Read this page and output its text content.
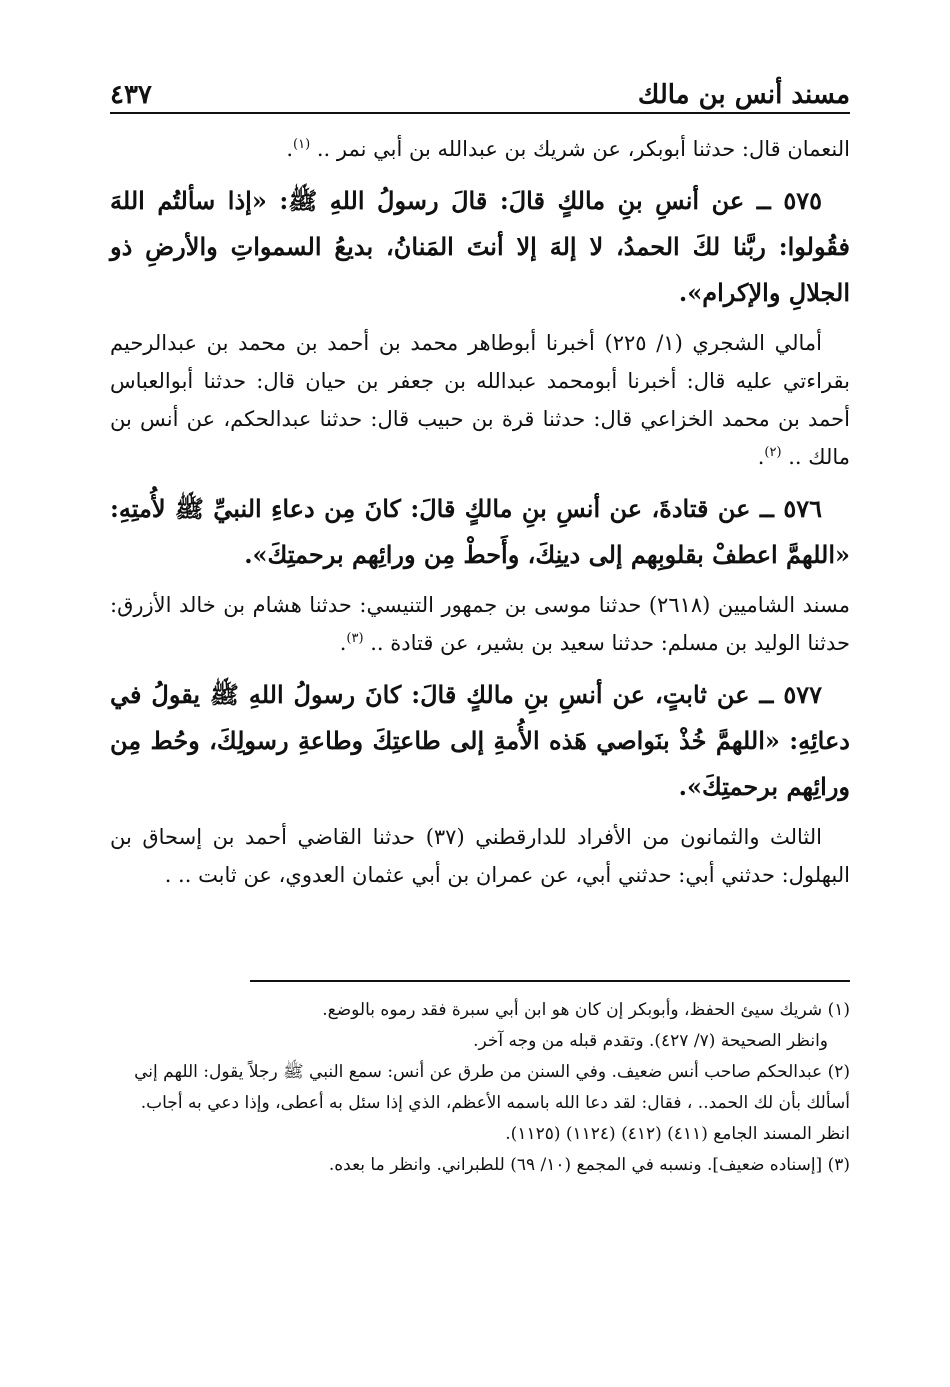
مسند أنس بن مالك
٤٣٧

النعمان قال: حدثنا أبوبكر، عن شريك بن عبدالله بن أبي نمر .. $^{(١)}$.

٥٧٥ ــ عن أنسِ بنِ مالكٍ قالَ: قالَ رسولُ اللهِ ﷺ: «إذا سألتُم اللهَ فقُولوا: ربَّنا لكَ الحمدُ، لا إلهَ إلا أنتَ المَنانُ، بديعُ السمواتِ والأرضِ ذو الجلالِ والإكرام».

أمالي الشجري (١/ ٢٢٥) أخبرنا أبوطاهر محمد بن أحمد بن محمد بن عبدالرحيم بقراءتي عليه قال: أخبرنا أبومحمد عبدالله بن جعفر بن حيان قال: حدثنا أبوالعباس أحمد بن محمد الخزاعي قال: حدثنا قرة بن حبيب قال: حدثنا عبدالحكم، عن أنس بن مالك .. $^{(٢)}$.

٥٧٦ ــ عن قتادةَ، عن أنسِ بنِ مالكٍ قالَ: كانَ مِن دعاءِ النبيِّ ﷺ لأُمتِهِ: «اللهمَّ اعطفْ بقلوبِهم إلى دينِكَ، وأَحطْ مِن ورائِهم برحمتِكَ».

مسند الشاميين (٢٦١٨) حدثنا موسى بن جمهور التنيسي: حدثنا هشام بن خالد الأزرق: حدثنا الوليد بن مسلم: حدثنا سعيد بن بشير، عن قتادة .. $^{(٣)}$.

٥٧٧ ــ عن ثابتٍ، عن أنسِ بنِ مالكٍ قالَ: كانَ رسولُ اللهِ ﷺ يقولُ في دعائِهِ: «اللهمَّ خُذْ بنَواصي هَذه الأُمةِ إلى طاعتِكَ وطاعةِ رسولِكَ، وحُط مِن ورائِهم برحمتِكَ».

الثالث والثمانون من الأفراد للدارقطني (٣٧) حدثنا القاضي أحمد بن إسحاق بن البهلول: حدثني أبي: حدثني أبي، عن عمران بن أبي عثمان العدوي، عن ثابت .. .

(١) شريك سيئ الحفظ، وأبوبكر إن كان هو ابن أبي سبرة فقد رموه بالوضع.

وانظر الصحيحة (٧/ ٤٢٧). وتقدم قبله من وجه آخر.

(٢) عبدالحكم صاحب أنس ضعيف. وفي السنن من طرق عن أنس: سمع النبي ﷺ رجلاً يقول: اللهم إني أسألك بأن لك الحمد.. ، فقال: لقد دعا الله باسمه الأعظم، الذي إذا سئل به أعطى، وإذا دعي به أجاب. انظر المسند الجامع (٤١١) (٤١٢) (١١٢٤) (١١٢٥).

(٣) [إسناده ضعيف]. ونسبه في المجمع (١٠/ ٦٩) للطبراني. وانظر ما بعده.
